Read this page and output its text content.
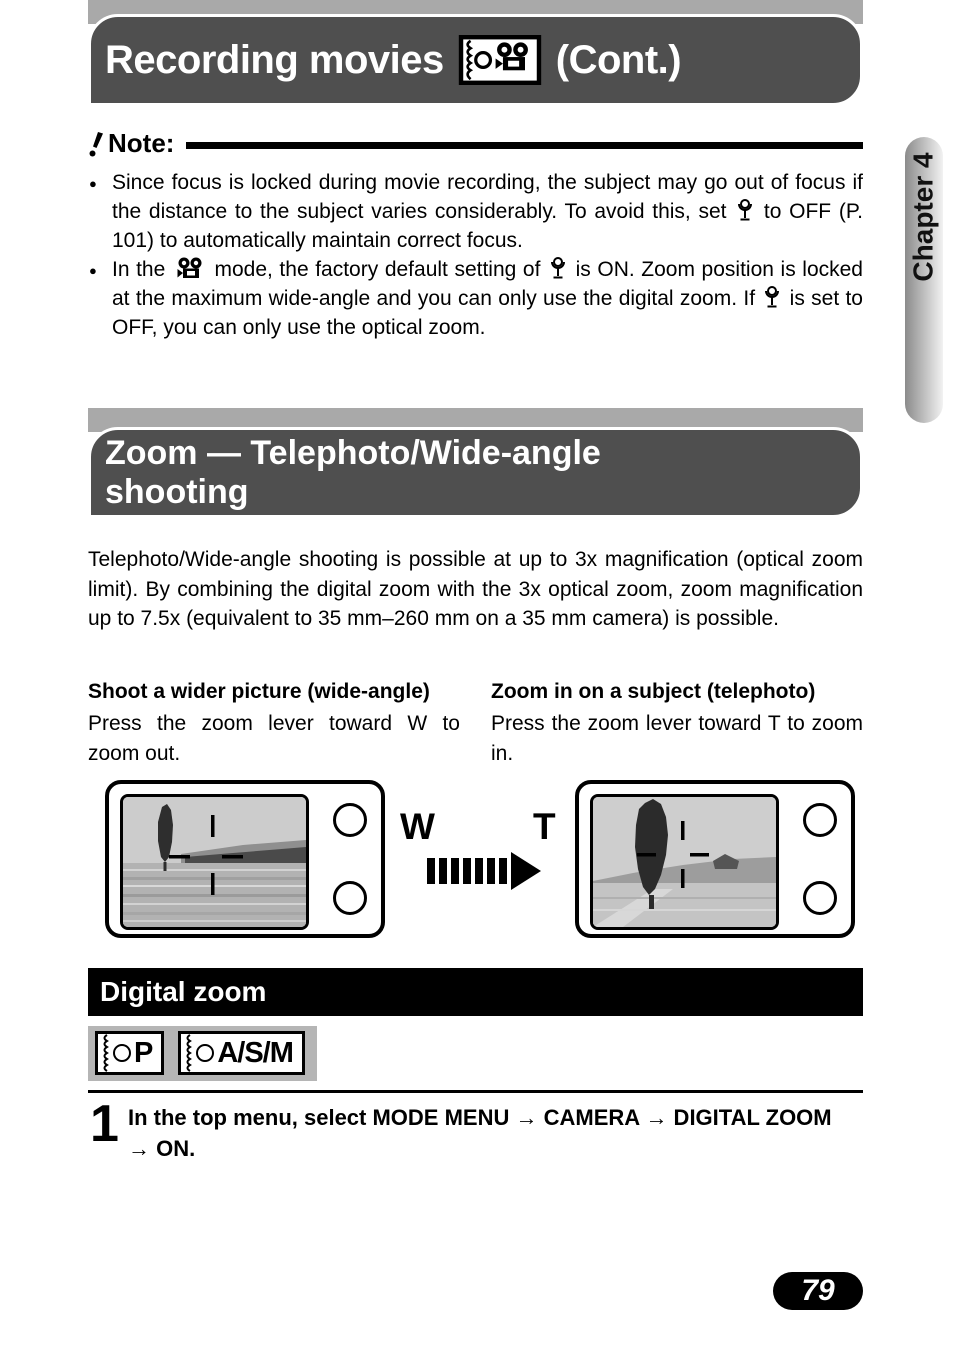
Recording movies	(Cont.)
Note:
● Since focus is locked during movie recording, the subject may go out of focus if the distance to the subject varies considerably. To avoid this, set to OFF (P. 101) to automatically maintain correct focus.
● In the mode, the factory default setting of is ON. Zoom position is locked at the maximum wide-angle and you can only use the digital zoom. If is set to OFF, you can only use the optical zoom.
Zoom — Telephoto/Wide-angle
shooting

Telephoto/Wide-angle shooting is possible at up to 3x magnification (optical zoom limit). By combining the digital zoom with the 3x optical zoom, zoom magnification up to 7.5x (equivalent to 35 mm–260 mm on a 35 mm camera) is possible.

Shoot a wider picture (wide-angle)

Press the zoom lever toward W to zoom out.

Zoom in on a subject (telephoto)

Press the zoom lever toward T to zoom in.

W	T
Digital zoom
P A/S/M
1 In the top menu, select MODE MENU → CAMERA → DIGITAL ZOOM → ON.
Chapter 4
79
